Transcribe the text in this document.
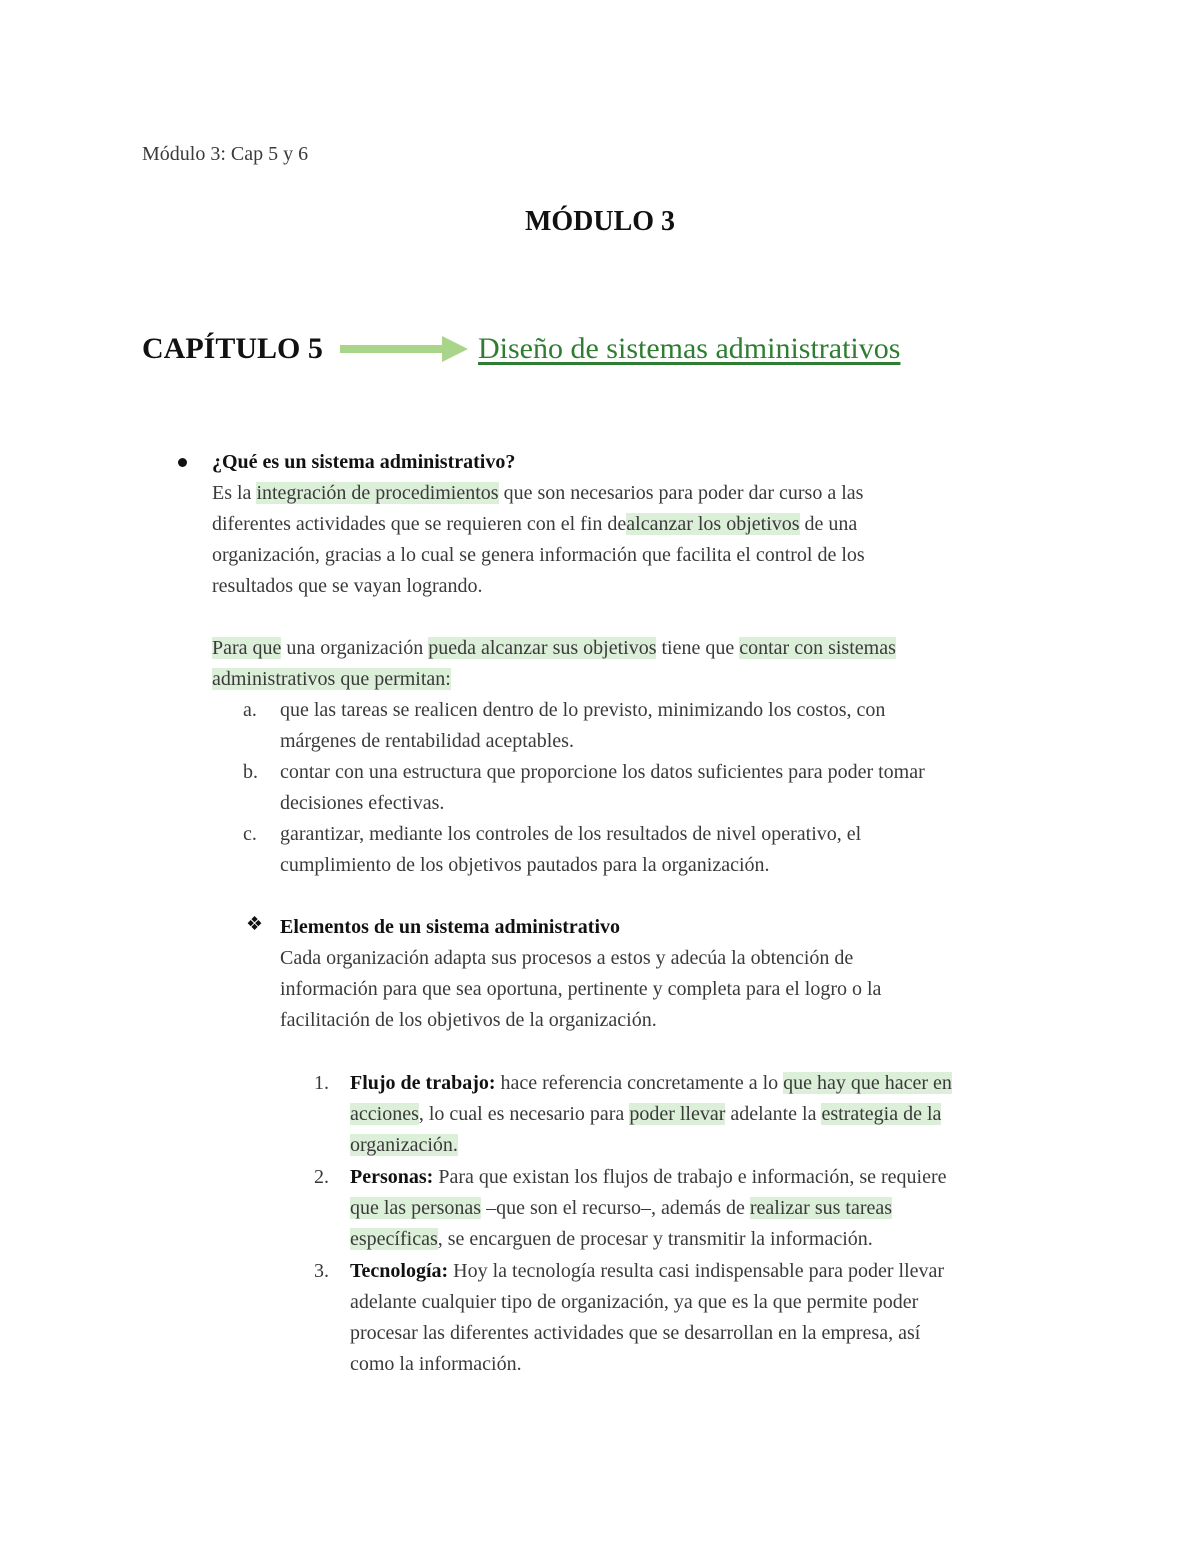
Módulo 3: Cap 5 y 6
MÓDULO 3
CAPÍTULO 5	Diseño de sistemas administrativos
¿Qué es un sistema administrativo?
Es la integración de procedimientos que son necesarios para poder dar curso a las
diferentes actividades que se requieren con el fin dealcanzar los objetivos de una
organización, gracias a lo cual se genera información que facilita el control de los
resultados que se vayan logrando.
Para que una organización pueda alcanzar sus objetivos tiene que contar con sistemas
administrativos que permitan:
a. que las tareas se realicen dentro de lo previsto, minimizando los costos, con
márgenes de rentabilidad aceptables.
b. contar con una estructura que proporcione los datos suficientes para poder tomar
decisiones efectivas.
c. garantizar, mediante los controles de los resultados de nivel operativo, el
cumplimiento de los objetivos pautados para la organización.
❖ Elementos de un sistema administrativo
Cada organización adapta sus procesos a estos y adecúa la obtención de
información para que sea oportuna, pertinente y completa para el logro o la
facilitación de los objetivos de la organización.
1. Flujo de trabajo: hace referencia concretamente a lo que hay que hacer en
acciones, lo cual es necesario para poder llevar adelante la estrategia de la
organización.
2. Personas: Para que existan los flujos de trabajo e información, se requiere
que las personas –que son el recurso–, además de realizar sus tareas
específicas, se encarguen de procesar y transmitir la información.
3. Tecnología: Hoy la tecnología resulta casi indispensable para poder llevar
adelante cualquier tipo de organización, ya que es la que permite poder
procesar las diferentes actividades que se desarrollan en la empresa, así
como la información.
